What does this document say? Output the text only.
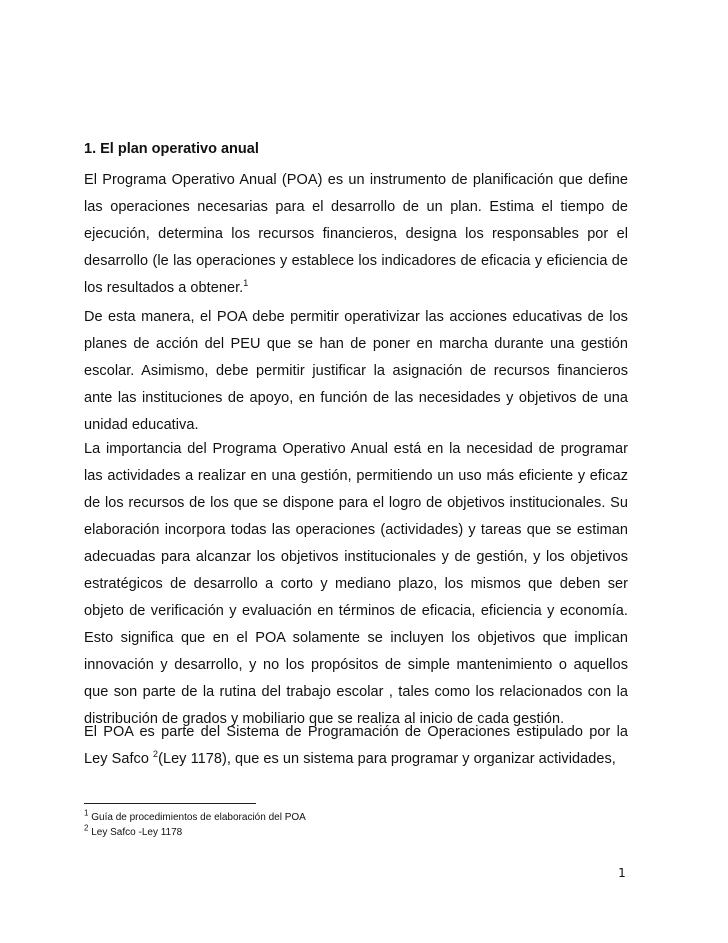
1. El plan operativo anual

El Programa Operativo Anual (POA) es un instrumento de planificación que define las operaciones necesarias para el desarrollo de un plan. Estima el tiempo de ejecución, determina los recursos financieros, designa los responsables por el desarrollo (le las operaciones y establece los indicadores de eficacia y eficiencia de los resultados a obtener.$^1$

De esta manera, el POA debe permitir operativizar las acciones educativas de los planes de acción del PEU que se han de poner en marcha durante una gestión escolar. Asimismo, debe permitir justificar la asignación de recursos financieros ante las instituciones de apoyo, en función de las necesidades y objetivos de una unidad educativa.

La importancia del Programa Operativo Anual está en la necesidad de programar las actividades a realizar en una gestión, permitiendo un uso más eficiente y eficaz de los recursos de los que se dispone para el logro de objetivos institucionales. Su elaboración incorpora todas las operaciones (actividades) y tareas que se estiman adecuadas para alcanzar los objetivos institucionales y de gestión, y los objetivos estratégicos de desarrollo a corto y mediano plazo, los mismos que deben ser objeto de verificación y evaluación en términos de eficacia, eficiencia y economía. Esto significa que en el POA solamente se incluyen los objetivos que implican innovación y desarrollo, y no los propósitos de simple mantenimiento o aquellos que son parte de la rutina del trabajo escolar , tales como los relacionados con la distribución de grados y mobiliario que se realiza al inicio de cada gestión.

El POA es parte del Sistema de Programación de Operaciones estipulado por la Ley Safco $^2$(Ley 1178), que es un sistema para programar y organizar actividades,

$^1$ Guía de procedimientos de elaboración del POA

$^2$ Ley Safco -Ley 1178

1
